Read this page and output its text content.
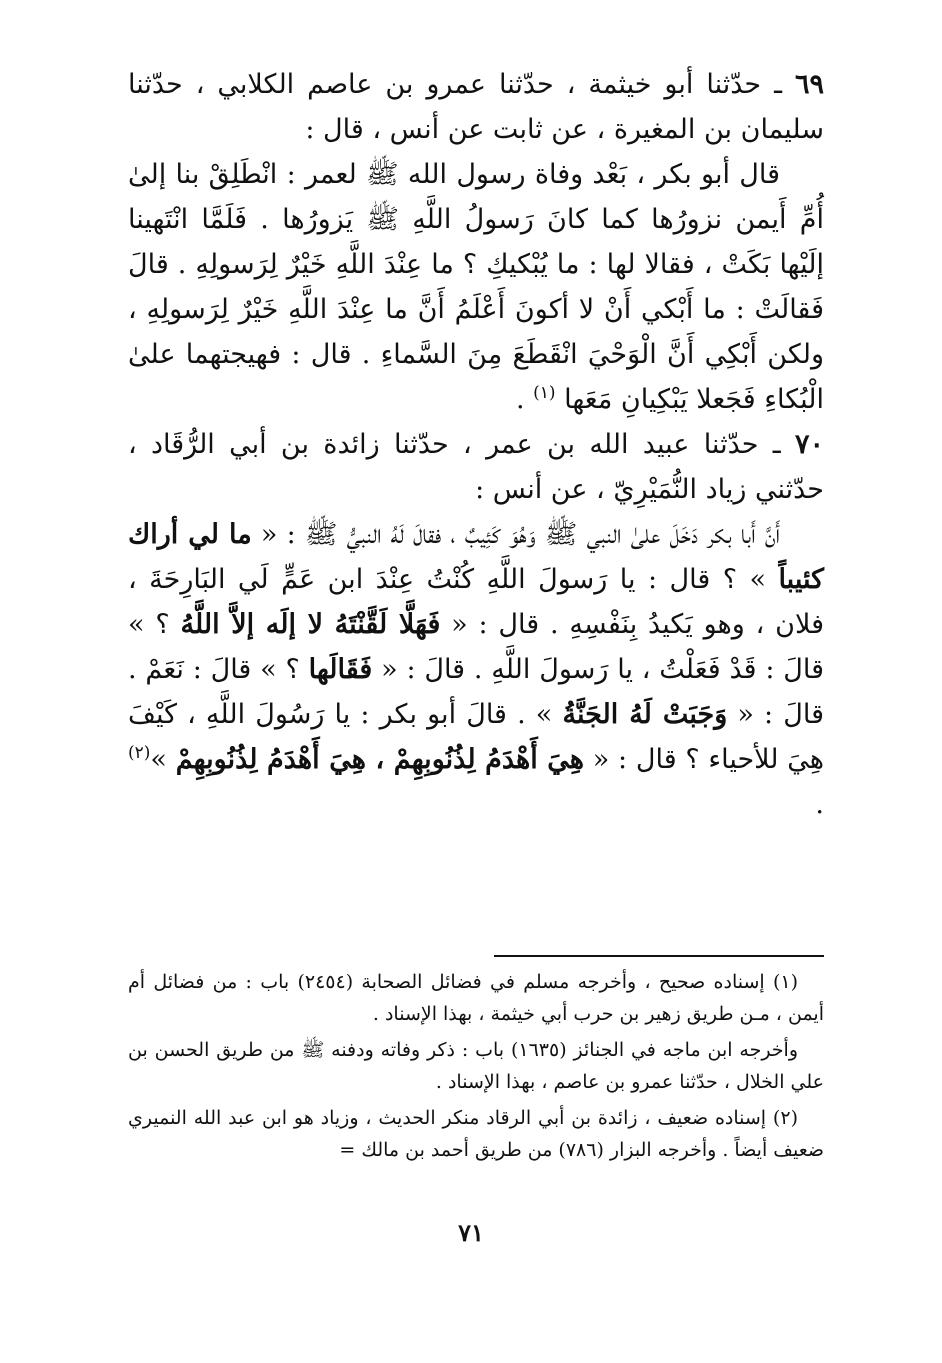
٦٩ ـ حدّثنا أبو خيثمة ، حدّثنا عمرو بن عاصم الكلابي ، حدّثنا سليمان بن المغيرة ، عن ثابت عن أنس ، قال :

قال أبو بكر ، بَعْد وفاة رسول الله ﷺ لعمر : انْطَلِقْ بنا إلىٰ أُمِّ أَيمن نزورُها كما كانَ رَسولُ اللَّهِ ﷺ يَزورُها . فَلَمَّا انْتَهينا إلَيْها بَكَتْ ، فقالا لها : ما يُبْكيكِ ؟ ما عِنْدَ اللَّهِ خَيْرٌ لِرَسولِهِ . قالَ فَقالَتْ : ما أَبْكي أَنْ لا أكونَ أَعْلَمُ أَنَّ ما عِنْدَ اللَّهِ خَيْرٌ لِرَسولِهِ ، ولكن أَبْكِي أَنَّ الْوَحْيَ انْقَطَعَ مِنَ السَّماءِ . قال : فهيجتهما علىٰ الْبُكاءِ فَجَعلا يَبْكِيانِ مَعَها $^{(١)}$ .

٧٠ ـ حدّثنا عبيد الله بن عمر ، حدّثنا زائدة بن أبي الرُّقَاد ، حدّثني زياد النُّمَيْرِيّ ، عن أنس :

أَنَّ أَبا بكر دَخَلَ علىٰ النبي ﷺ وَهُوَ كَئِيبٌ ، فقالَ لَهُ النبيُّ ﷺ : « ما لي أراك كئيباً » ؟ قال : يا رَسولَ اللَّهِ كُنْتُ عِنْدَ ابن عَمٍّ لَي البَارِحَةَ ، فلان ، وهو يَكيدُ بِنَفْسِهِ . قال : « فَهَلَّا لَقَّنْتَهُ لا إلَه إلاَّ اللَّهُ ؟ » قالَ : قَدْ فَعَلْتُ ، يا رَسولَ اللَّهِ . قالَ : « فَقَالَها ؟ » قالَ : نَعَمْ . قالَ : « وَجَبَتْ لَهُ الجَنَّةُ » . قالَ أبو بكر : يا رَسُولَ اللَّهِ ، كَيْفَ هِيَ للأحياء ؟ قال : « هِيَ أَهْدَمُ لِذُنُوبِهِمْ ، هِيَ أَهْدَمُ لِذُنُوبِهِمْ »$^{(٢)}$ .

(١) إسناده صحيح ، وأخرجه مسلم في فضائل الصحابة (٢٤٥٤) باب : من فضائل أم أيمن ، مـن طريق زهير بن حرب أبي خيثمة ، بهذا الإسناد .

وأخرجه ابن ماجه في الجنائز (١٦٣٥) باب : ذكر وفاته ودفنه ﷺ من طريق الحسن بن علي الخلال ، حدّثنا عمرو بن عاصم ، بهذا الإسناد .

(٢) إسناده ضعيف ، زائدة بن أبي الرقاد منكر الحديث ، وزياد هو ابن عبد الله النميري ضعيف أيضاً . وأخرجه البزار (٧٨٦) من طريق أحمد بن مالك =

٧١
